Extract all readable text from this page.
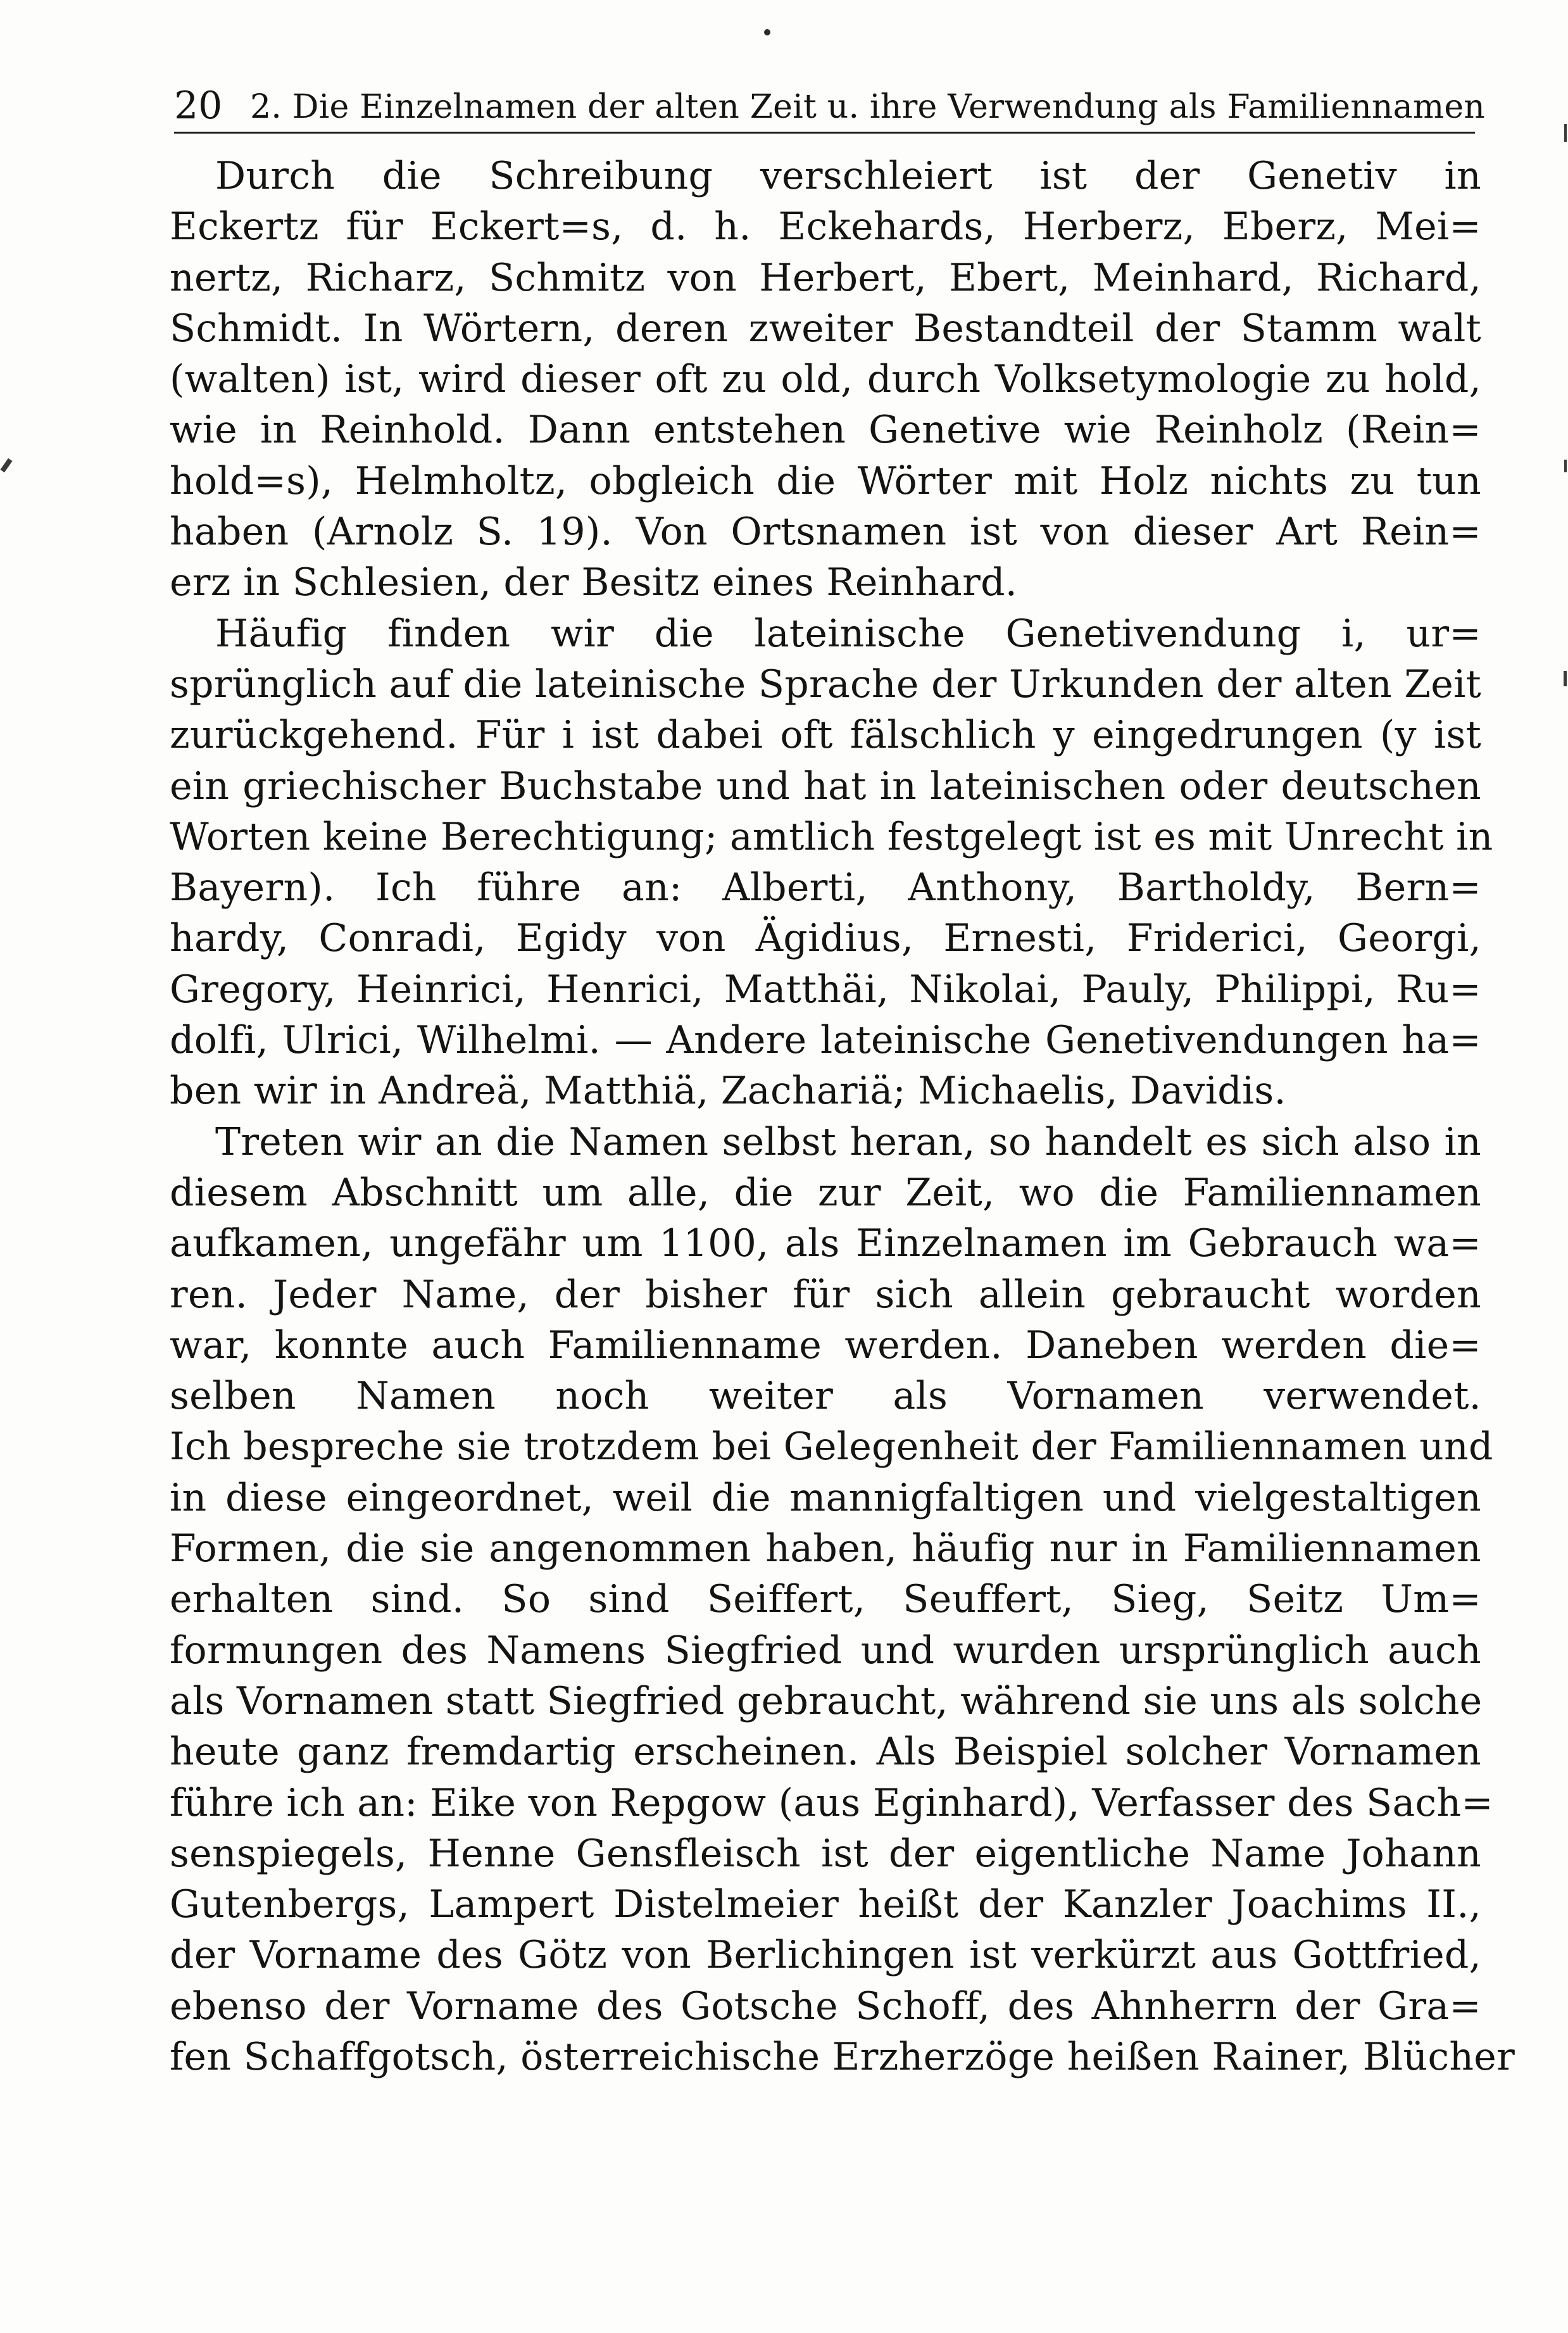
20 2. Die Einzelnamen der alten Zeit u. ihre Verwendung als Familiennamen
Durch die Schreibung verschleiert ist der Genetiv in
Eckertz für Eckert=s, d. h. Eckehards, Herberz, Eberz, Mei=
nertz, Richarz, Schmitz von Herbert, Ebert, Meinhard, Richard,
Schmidt. In Wörtern, deren zweiter Bestandteil der Stamm walt
(walten) ist, wird dieser oft zu old, durch Volksetymologie zu hold,
wie in Reinhold. Dann entstehen Genetive wie Reinholz (Rein=
hold=s), Helmholtz, obgleich die Wörter mit Holz nichts zu tun
haben (Arnolz S. 19). Von Ortsnamen ist von dieser Art Rein=
erz in Schlesien, der Besitz eines Reinhard.
Häufig finden wir die lateinische Genetivendung i, ur=
sprünglich auf die lateinische Sprache der Urkunden der alten Zeit
zurückgehend. Für i ist dabei oft fälschlich y eingedrungen (y ist
ein griechischer Buchstabe und hat in lateinischen oder deutschen
Worten keine Berechtigung; amtlich festgelegt ist es mit Unrecht in
Bayern). Ich führe an: Alberti, Anthony, Bartholdy, Bern=
hardy, Conradi, Egidy von Ägidius, Ernesti, Friderici, Georgi,
Gregory, Heinrici, Henrici, Matthäi, Nikolai, Pauly, Philippi, Ru=
dolfi, Ulrici, Wilhelmi. — Andere lateinische Genetivendungen ha=
ben wir in Andreä, Matthiä, Zachariä; Michaelis, Davidis.
Treten wir an die Namen selbst heran, so handelt es sich also in
diesem Abschnitt um alle, die zur Zeit, wo die Familiennamen
aufkamen, ungefähr um 1100, als Einzelnamen im Gebrauch wa=
ren. Jeder Name, der bisher für sich allein gebraucht worden
war, konnte auch Familienname werden. Daneben werden die=
selben Namen noch weiter als Vornamen verwendet.
Ich bespreche sie trotzdem bei Gelegenheit der Familiennamen und
in diese eingeordnet, weil die mannigfaltigen und vielgestaltigen
Formen, die sie angenommen haben, häufig nur in Familiennamen
erhalten sind. So sind Seiffert, Seuffert, Sieg, Seitz Um=
formungen des Namens Siegfried und wurden ursprünglich auch
als Vornamen statt Siegfried gebraucht, während sie uns als solche
heute ganz fremdartig erscheinen. Als Beispiel solcher Vornamen
führe ich an: Eike von Repgow (aus Eginhard), Verfasser des Sach=
senspiegels, Henne Gensfleisch ist der eigentliche Name Johann
Gutenbergs, Lampert Distelmeier heißt der Kanzler Joachims II.,
der Vorname des Götz von Berlichingen ist verkürzt aus Gottfried,
ebenso der Vorname des Gotsche Schoff, des Ahnherrn der Gra=
fen Schaffgotsch, österreichische Erzherzöge heißen Rainer, Blücher
